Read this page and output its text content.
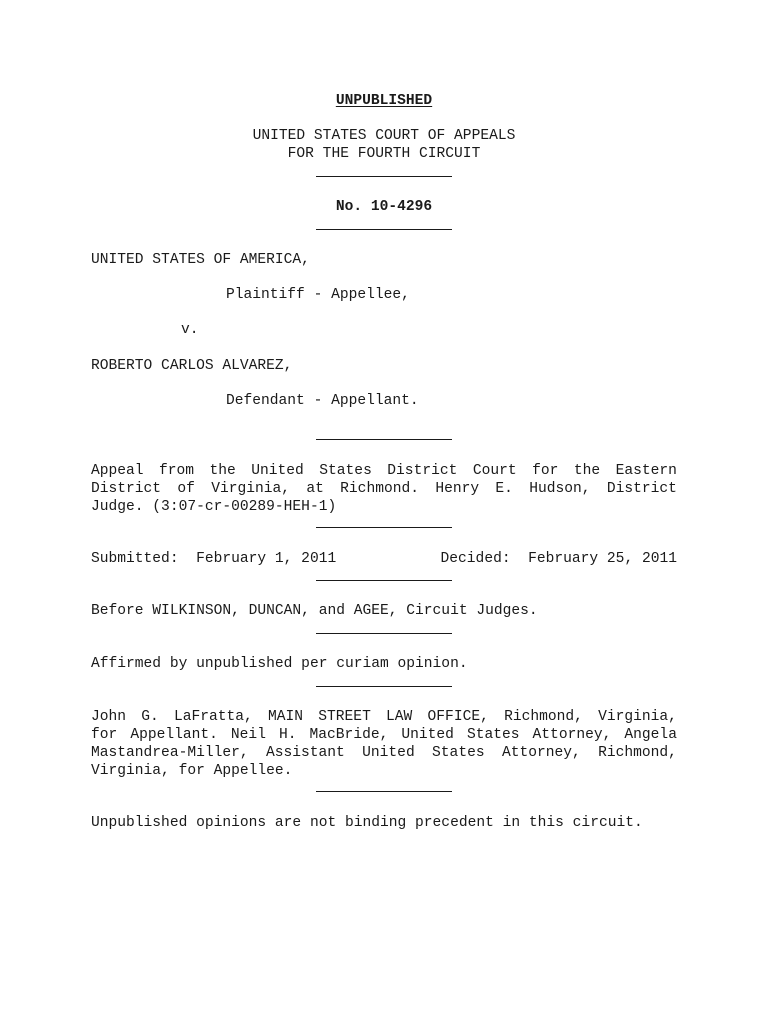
UNPUBLISHED
UNITED STATES COURT OF APPEALS
FOR THE FOURTH CIRCUIT
No. 10-4296
UNITED STATES OF AMERICA,
Plaintiff - Appellee,
v.
ROBERTO CARLOS ALVAREZ,
Defendant - Appellant.
Appeal from the United States District Court for the Eastern
District of Virginia, at Richmond. Henry E. Hudson, District
Judge. (3:07-cr-00289-HEH-1)
Submitted:  February 1, 2011	Decided:  February 25, 2011
Before WILKINSON, DUNCAN, and AGEE, Circuit Judges.
Affirmed by unpublished per curiam opinion.
John G. LaFratta, MAIN STREET LAW OFFICE, Richmond, Virginia,
for Appellant. Neil H. MacBride, United States Attorney, Angela
Mastandrea-Miller, Assistant United States Attorney, Richmond,
Virginia, for Appellee.
Unpublished opinions are not binding precedent in this circuit.
